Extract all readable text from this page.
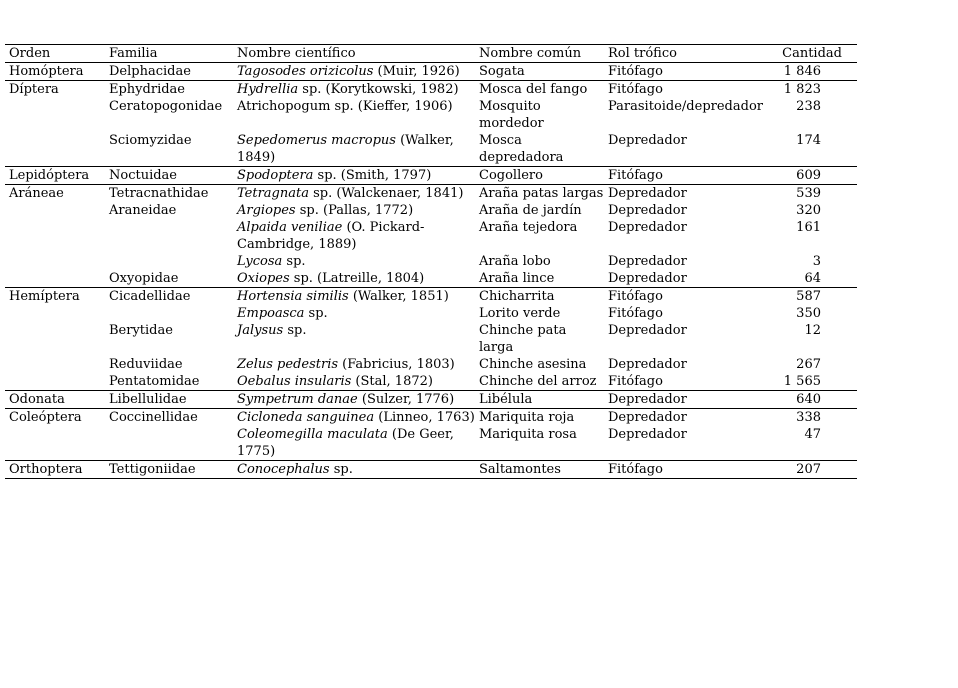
Orden	Familia	Nombre científico	Nombre común	Rol trófico	Cantidad
Homóptera	Delphacidae	Tagosodes orizicolus (Muir, 1926)	Sogata	Fitófago	1 846
Díptera	Ephydridae	Hydrellia sp. (Korytkowski, 1982)	Mosca del fango	Fitófago	1 823
	Ceratopogonidae	Atrichopogum sp. (Kieffer, 1906)	Mosquito mordedor	Parasitoide/depredador	238
	Sciomyzidae	Sepedomerus macropus (Walker, 1849)	Mosca depredadora	Depredador	174
Lepidóptera	Noctuidae	Spodoptera sp. (Smith, 1797)	Cogollero	Fitófago	609
Aráneae	Tetracnathidae	Tetragnata sp. (Walckenaer, 1841)	Araña patas largas	Depredador	539
	Araneidae	Argiopes sp. (Pallas, 1772)	Araña de jardín	Depredador	320
		Alpaida veniliae (O. Pickard-Cambridge, 1889)	Araña tejedora	Depredador	161
		Lycosa sp.	Araña lobo	Depredador	3
	Oxyopidae	Oxiopes sp. (Latreille, 1804)	Araña lince	Depredador	64
Hemíptera	Cicadellidae	Hortensia similis (Walker, 1851)	Chicharrita	Fitófago	587
		Empoasca sp.	Lorito verde	Fitófago	350
	Berytidae	Jalysus sp.	Chinche pata larga	Depredador	12
	Reduviidae	Zelus pedestris (Fabricius, 1803)	Chinche asesina	Depredador	267
	Pentatomidae	Oebalus insularis (Stal, 1872)	Chinche del arroz	Fitófago	1 565
Odonata	Libellulidae	Sympetrum danae (Sulzer, 1776)	Libélula	Depredador	640
Coleóptera	Coccinellidae	Cicloneda sanguinea (Linneo, 1763)	Mariquita roja	Depredador	338
		Coleomegilla maculata (De Geer, 1775)	Mariquita rosa	Depredador	47
Orthoptera	Tettigoniidae	Conocephalus sp.	Saltamontes	Fitófago	207
